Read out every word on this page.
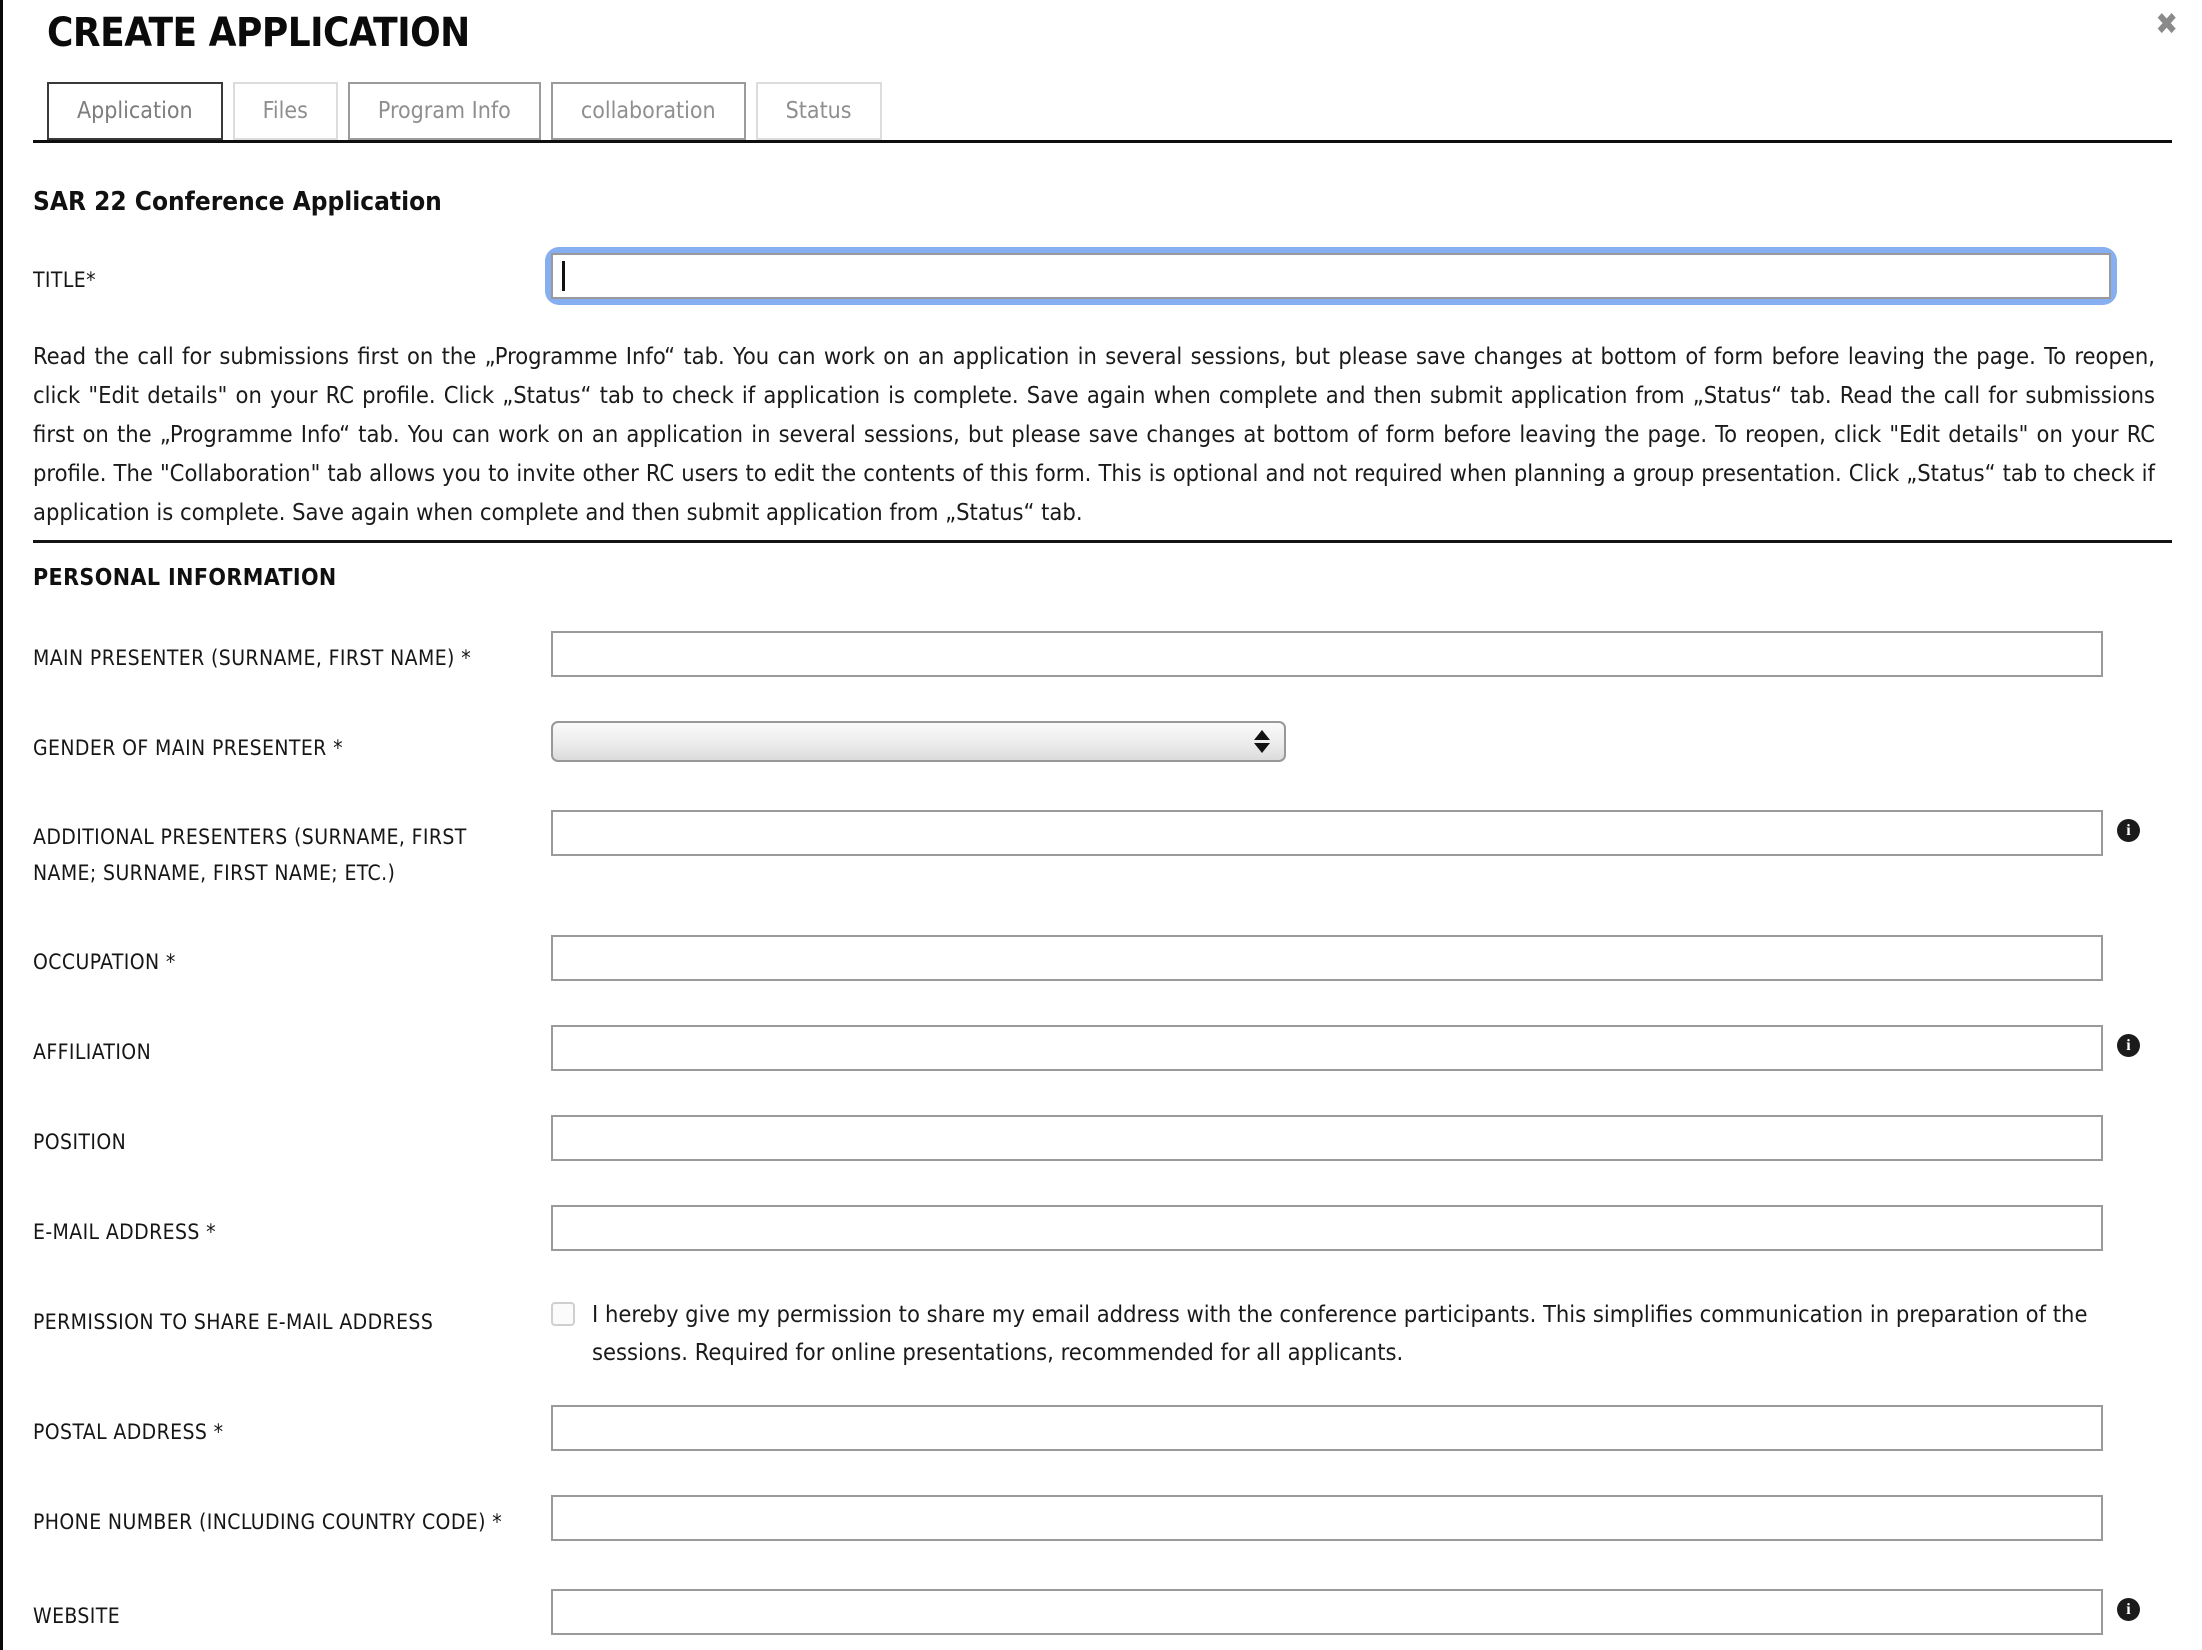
CREATE APPLICATION	✖
Application	Files	Program Info	collaboration	Status
SAR 22 Conference Application
TITLE*

Read the call for submissions first on the „Programme Info“ tab. You can work on an application in several sessions, but please save changes at bottom of form before leaving the page. To reopen, click "Edit details" on your RC profile. Click „Status“ tab to check if application is complete. Save again when complete and then submit application from „Status“ tab. Read the call for submissions first on the „Programme Info“ tab. You can work on an application in several sessions, but please save changes at bottom of form before leaving the page. To reopen, click "Edit details" on your RC profile. The "Collaboration" tab allows you to invite other RC users to edit the contents of this form. This is optional and not required when planning a group presentation. Click „Status“ tab to check if application is complete. Save again when complete and then submit application from „Status“ tab.

PERSONAL INFORMATION
MAIN PRESENTER (SURNAME, FIRST NAME) *
GENDER OF MAIN PRESENTER *
ADDITIONAL PRESENTERS (SURNAME, FIRST NAME; SURNAME, FIRST NAME; ETC.)
i
OCCUPATION *
AFFILIATION	i
POSITION
E-MAIL ADDRESS *
PERMISSION TO SHARE E-MAIL ADDRESS	I hereby give my permission to share my email address with the conference participants. This simplifies communication in preparation of the sessions. Required for online presentations, recommended for all applicants.
POSTAL ADDRESS *
PHONE NUMBER (INCLUDING COUNTRY CODE) *
WEBSITE	i
